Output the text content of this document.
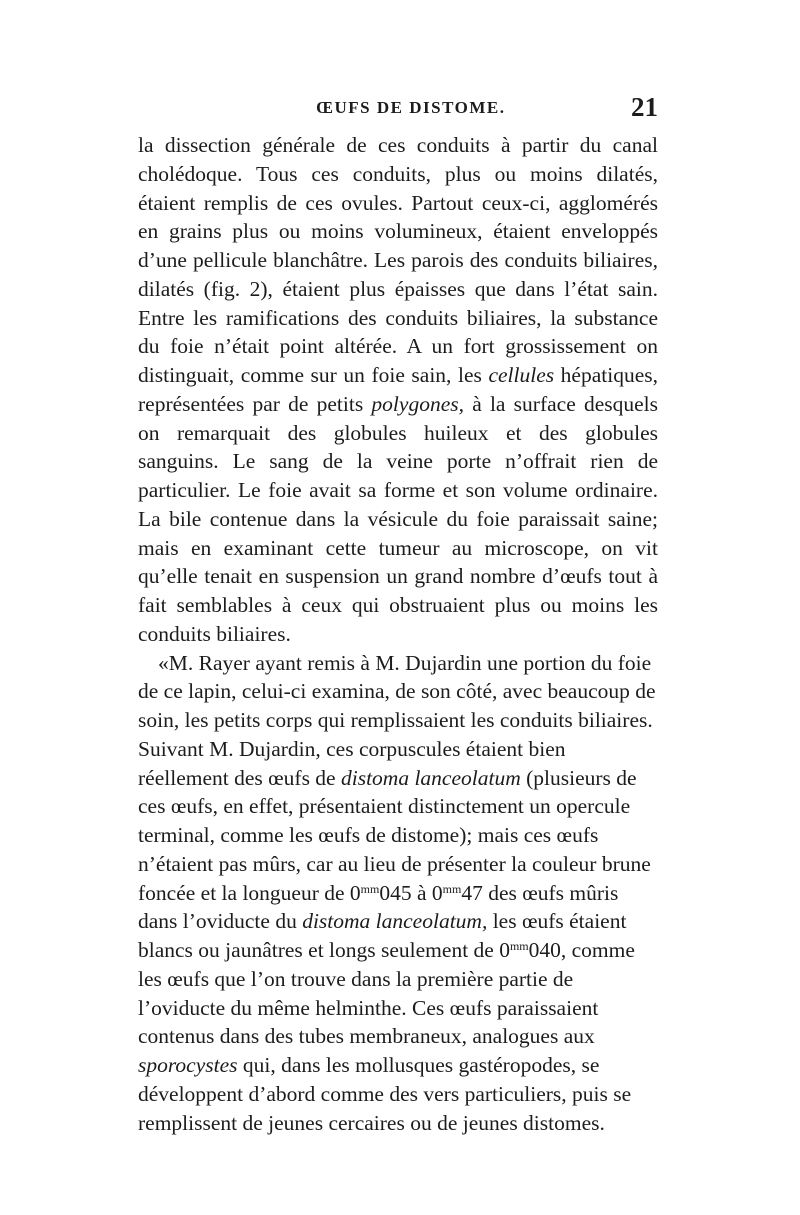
ŒUFS DE DISTOME.	21

la dissection générale de ces conduits à partir du canal cholédoque. Tous ces conduits, plus ou moins dilatés, étaient remplis de ces ovules. Partout ceux-ci, agglomérés en grains plus ou moins volumineux, étaient enveloppés d’une pellicule blanchâtre. Les parois des conduits biliaires, dilatés (fig. 2), étaient plus épaisses que dans l’état sain. Entre les ramifications des conduits biliaires, la substance du foie n’était point altérée. A un fort grossissement on distinguait, comme sur un foie sain, les cellules hépatiques, représentées par de petits polygones, à la surface desquels on remarquait des globules huileux et des globules sanguins. Le sang de la veine porte n’offrait rien de particulier. Le foie avait sa forme et son volume ordinaire. La bile contenue dans la vésicule du foie paraissait saine; mais en examinant cette tumeur au microscope, on vit qu’elle tenait en suspension un grand nombre d’œufs tout à fait semblables à ceux qui obstruaient plus ou moins les conduits biliaires.

«M. Rayer ayant remis à M. Dujardin une portion du foie de ce lapin, celui-ci examina, de son côté, avec beaucoup de soin, les petits corps qui remplissaient les conduits biliaires. Suivant M. Dujardin, ces corpuscules étaient bien réellement des œufs de distoma lanceolatum (plusieurs de ces œufs, en effet, présentaient distinctement un opercule terminal, comme les œufs de distome); mais ces œufs n’étaient pas mûrs, car au lieu de présenter la couleur brune foncée et la longueur de $0^{mm}045$ à $0^{mm}47$ des œufs mûris dans l’oviducte du distoma lanceolatum, les œufs étaient blancs ou jaunâtres et longs seulement de $0^{mm}040$, comme les œufs que l’on trouve dans la première partie de l’oviducte du même helminthe. Ces œufs paraissaient contenus dans des tubes membraneux, analogues aux sporocystes qui, dans les mollusques gastéropodes, se développent d’abord comme des vers particuliers, puis se remplissent de jeunes cercaires ou de jeunes distomes.
